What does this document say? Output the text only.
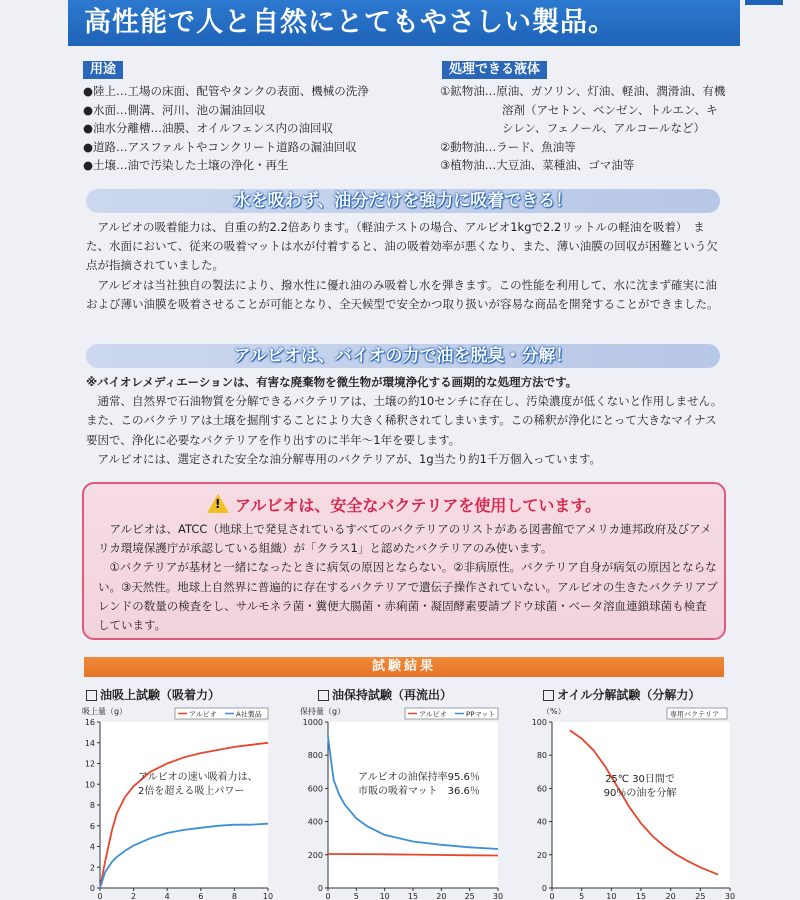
高性能で人と自然にとてもやさしい製品。
用途
●陸上…工場の床面、配管やタンクの表面、機械の洗浄
●水面…側溝、河川、池の漏油回収
●油水分離槽…油膜、オイルフェンス内の油回収
●道路…アスファルトやコンクリート道路の漏油回収
●土壌…油で汚染した土壌の浄化・再生
処理できる液体
①鉱物油…原油、ガソリン、灯油、軽油、潤滑油、有機
溶剤（アセトン、ベンゼン、トルエン、キ
シレン、フェノール、アルコールなど）
②動物油…ラード、魚油等
③植物油…大豆油、菜種油、ゴマ油等
水を吸わず、油分だけを強力に吸着できる！

アルビオの吸着能力は、自重の約2.2倍あります。（軽油テストの場合、アルビオ1kgで2.2リットルの軽油を吸着）　また、水面において、従来の吸着マットは水が付着すると、油の吸着効率が悪くなり、また、薄い油膜の回収が困難という欠点が指摘されていました。

アルビオは当社独自の製法により、撥水性に優れ油のみ吸着し水を弾きます。この性能を利用して、水に沈まず確実に油および薄い油膜を吸着させることが可能となり、全天候型で安全かつ取り扱いが容易な商品を開発することができました。

アルビオは、バイオの力で油を脱臭・分解！

※バイオレメディエーションは、有害な廃棄物を微生物が環境浄化する画期的な処理方法です。

通常、自然界で石油物質を分解できるバクテリアは、土壌の約10センチに存在し、汚染濃度が低くないと作用しません。また、このバクテリアは土壌を掘削することにより大きく稀釈されてしまいます。この稀釈が浄化にとって大きなマイナス要因で、浄化に必要なバクテリアを作り出すのに半年〜1年を要します。

アルビオには、選定された安全な油分解専用のバクテリアが、1g当たり約1千万個入っています。

! アルビオは、安全なバクテリアを使用しています。

アルビオは、ATCC（地球上で発見されているすべてのバクテリアのリストがある図書館でアメリカ連邦政府及びアメリカ環境保護庁が承認している組織）が「クラス1」と認めたバクテリアのみ使います。

①バクテリアが基材と一緒になったときに病気の原因とならない。②非病原性。バクテリア自身が病気の原因とならない。③天然性。地球上自然界に普遍的に存在するバクテリアで遺伝子操作されていない。アルビオの生きたバクテリアブレンドの数量の検査をし、サルモネラ菌・糞便大腸菌・赤痢菌・凝固酵素要請ブドウ球菌・ベータ溶血連鎖球菌も検査しています。

試験結果
油吸上試験（吸着力）	油保持試験（再流出）	オイル分解試験（分解力）
0
2
4
6
8
10
12
14
16
0	2	4	6	8	10
吸上量（g）	アルビオ	A社製品
アルビオの速い吸着力は、
2倍を超える吸上パワー
0
200
400
600
800
1000
0	5	10 15 20 25 30
保持量（g）	アルビオ	PPマット
アルビオの油保持率95.6％
市販の吸着マット　36.6％
0
20
40
60
80
100
0	5	10 15 20 25 30
（%）	専用バクテリア
25℃ 30日間で
90％の油を分解
